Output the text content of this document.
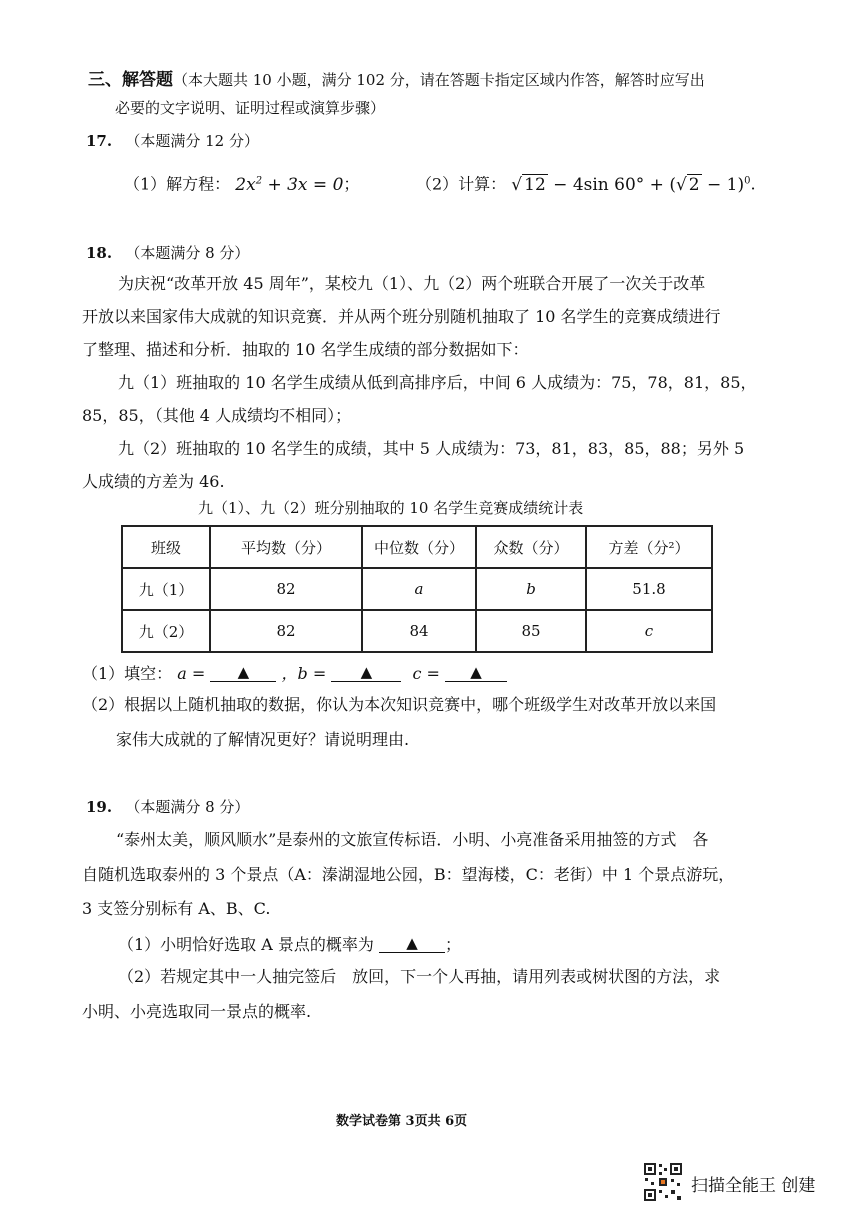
三、解答题（本大题共 10 小题，满分 102 分，请在答题卡指定区域内作答，解答时应写出
必要的文字说明、证明过程或演算步骤）
17. （本题满分 12 分）
（1）解方程： $2x^2 + 3x = 0$；	（2）计算： √ 12 − 4sin 60° + (√ 2 − 1)$^0$.
18. （本题满分 8 分）
为庆祝“改革开放 45 周年”，某校九（1）、九（2）两个班联合开展了一次关于改革
开放以来国家伟大成就的知识竞赛．并从两个班分别随机抽取了 10 名学生的竞赛成绩进行
了整理、描述和分析．抽取的 10 名学生成绩的部分数据如下：
九（1）班抽取的 10 名学生成绩从低到高排序后，中间 6 人成绩为：75，78，81，85，
85，85，（其他 4 人成绩均不相同）；
九（2）班抽取的 10 名学生的成绩，其中 5 人成绩为：73，81，83，85，88；另外 5
人成绩的方差为 46.
九（1）、九（2）班分别抽取的 10 名学生竞赛成绩统计表
班级	平均数（分）	中位数（分）	众数（分）	方差（分²）
九（1）	82	a	b	51.8
九（2）	82	84	85	c
（1）填空： a = ▲ ，b = ▲	c = ▲
（2）根据以上随机抽取的数据，你认为本次知识竞赛中，哪个班级学生对改革开放以来国
家伟大成就的了解情况更好？请说明理由.
19. （本题满分 8 分）
“泰州太美，顺风顺水”是泰州的文旅宣传标语．小明、小亮准备采用抽签的方式　各
自随机选取泰州的 3 个景点（A：溱湖湿地公园，B：望海楼，C：老街）中 1 个景点游玩，
3 支签分别标有 A、B、C.
（1）小明恰好选取 A 景点的概率为 ▲ ；
（2）若规定其中一人抽完签后　放回，下一个人再抽，请用列表或树状图的方法，求
小明、小亮选取同一景点的概率.
数学试卷第 3页共 6页
扫描全能王 创建
